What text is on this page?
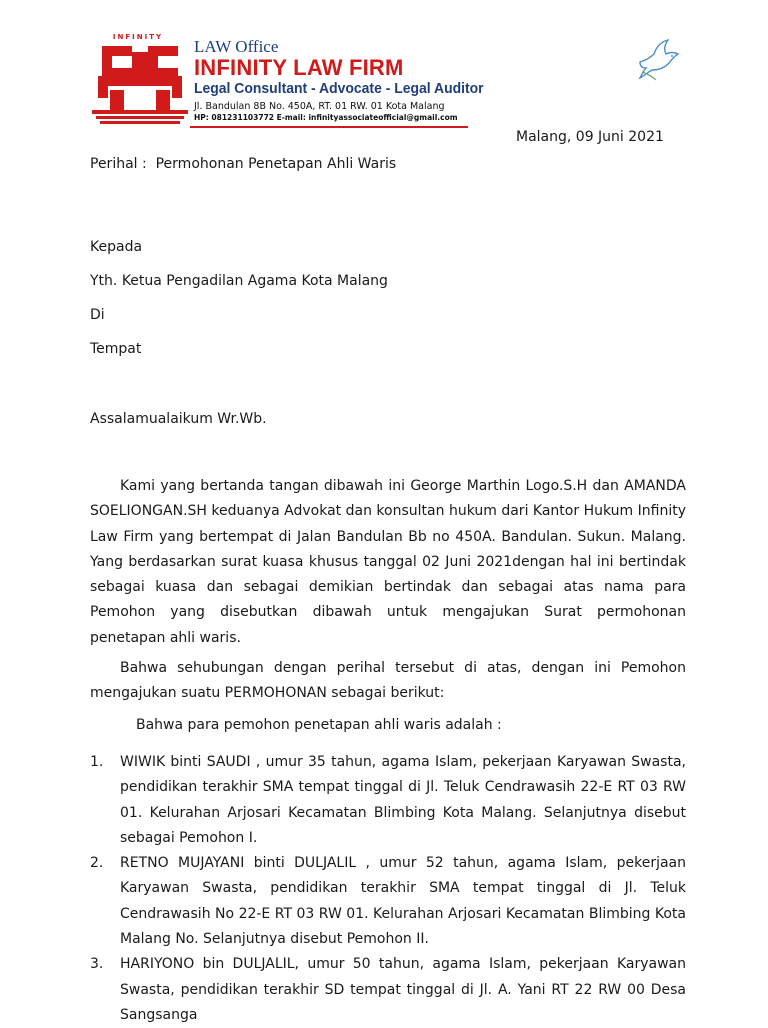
INFINITY LAW Office
INFINITY LAW FIRM
Legal Consultant - Advocate - Legal Auditor
Jl. Bandulan 8B No. 450A, RT. 01 RW. 01 Kota Malang
HP: 081231103772 E-mail: infinityassociateofficial@gmail.com
Malang, 09 Juni 2021
Perihal :  Permohonan Penetapan Ahli Waris
Kepada
Yth. Ketua Pengadilan Agama Kota Malang
Di
Tempat
Assalamualaikum Wr.Wb.

Kami yang bertanda tangan dibawah ini George Marthin Logo.S.H dan AMANDA SOELIONGAN.SH keduanya Advokat dan konsultan hukum dari Kantor Hukum Infinity Law Firm yang bertempat di Jalan Bandulan Bb no 450A. Bandulan. Sukun. Malang. Yang berdasarkan surat kuasa khusus tanggal 02 Juni 2021dengan hal ini bertindak sebagai kuasa dan sebagai demikian bertindak dan sebagai atas nama para Pemohon yang disebutkan dibawah untuk mengajukan Surat permohonan penetapan ahli waris.

Bahwa sehubungan dengan perihal tersebut di atas, dengan ini Pemohon mengajukan suatu PERMOHONAN sebagai berikut:

Bahwa para pemohon penetapan ahli waris adalah :

1. WIWIK binti SAUDI , umur 35 tahun, agama Islam, pekerjaan Karyawan Swasta, pendidikan terakhir SMA tempat tinggal di Jl. Teluk Cendrawasih 22-E RT 03 RW 01. Kelurahan Arjosari Kecamatan Blimbing Kota Malang. Selanjutnya disebut sebagai Pemohon I.
2. RETNO MUJAYANI binti DULJALIL , umur 52 tahun, agama Islam, pekerjaan Karyawan Swasta, pendidikan terakhir SMA tempat tinggal di Jl. Teluk Cendrawasih No 22-E RT 03 RW 01. Kelurahan Arjosari Kecamatan Blimbing Kota Malang No. Selanjutnya disebut Pemohon II.
3. HARIYONO bin DULJALIL, umur 50 tahun, agama Islam, pekerjaan Karyawan Swasta, pendidikan terakhir SD tempat tinggal di Jl. A. Yani RT 22 RW 00 Desa Sangsanga
